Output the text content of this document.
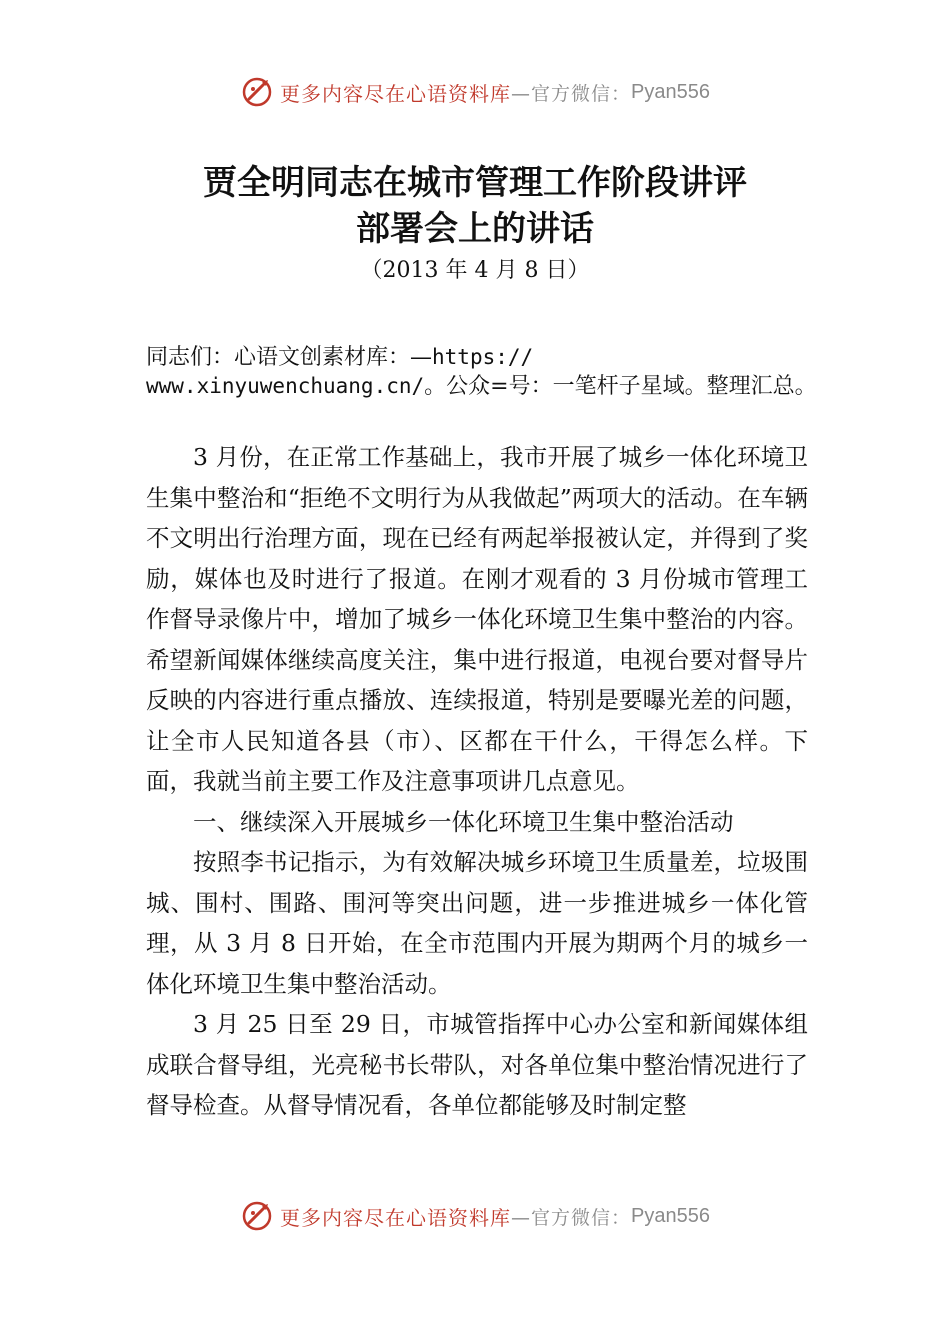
更多内容尽在心语资料库 —官方微信： Pyan556
贾全明同志在城市管理工作阶段讲评
部署会上的讲话
（2013 年 4 月 8 日）
同志们：心语文创素材库：—https://
www.xinyuwenchuang.cn/。公众=号：一笔杆子星域。整理汇总。

3 月份，在正常工作基础上，我市开展了城乡一体化环境卫生集中整治和“拒绝不文明行为从我做起”两项大的活动。在车辆不文明出行治理方面，现在已经有两起举报被认定，并得到了奖励，媒体也及时进行了报道。在刚才观看的 3 月份城市管理工作督导录像片中，增加了城乡一体化环境卫生集中整治的内容。希望新闻媒体继续高度关注，集中进行报道，电视台要对督导片反映的内容进行重点播放、连续报道，特别是要曝光差的问题，让全市人民知道各县（市）、区都在干什么，干得怎么样。下面，我就当前主要工作及注意事项讲几点意见。

一、继续深入开展城乡一体化环境卫生集中整治活动

按照李书记指示，为有效解决城乡环境卫生质量差，垃圾围城、围村、围路、围河等突出问题，进一步推进城乡一体化管理，从 3 月 8 日开始，在全市范围内开展为期两个月的城乡一体化环境卫生集中整治活动。

3 月 25 日至 29 日，市城管指挥中心办公室和新闻媒体组成联合督导组，光亮秘书长带队，对各单位集中整治情况进行了督导检查。从督导情况看，各单位都能够及时制定整

更多内容尽在心语资料库 —官方微信： Pyan556
